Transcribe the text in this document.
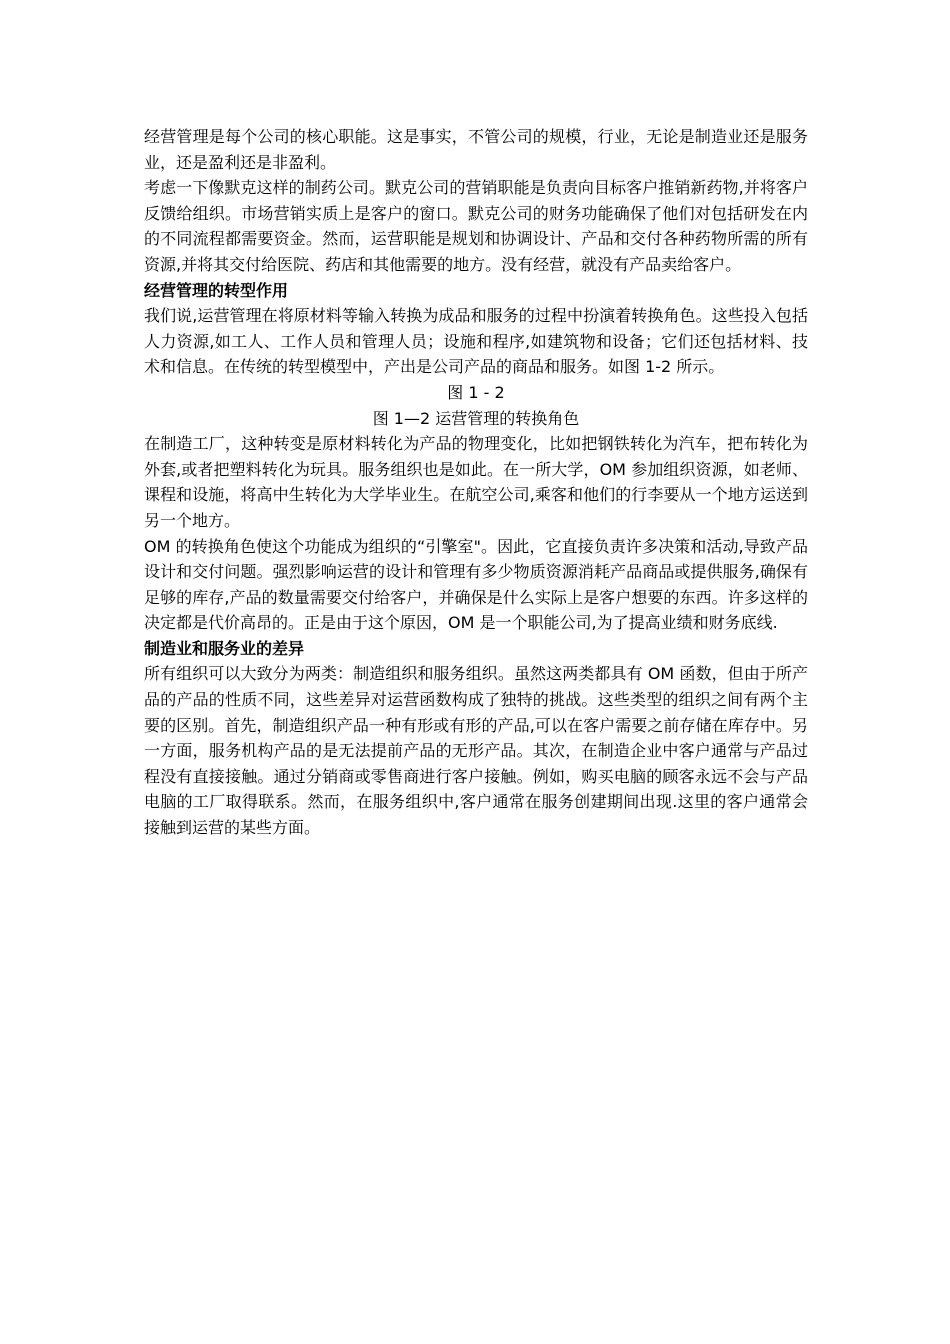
经营管理是每个公司的核心职能。这是事实，不管公司的规模，行业，无论是制造业还是服务业，还是盈利还是非盈利。

考虑一下像默克这样的制药公司。默克公司的营销职能是负责向目标客户推销新药物,并将客户反馈给组织。市场营销实质上是客户的窗口。默克公司的财务功能确保了他们对包括研发在内的不同流程都需要资金。然而，运营职能是规划和协调设计、产品和交付各种药物所需的所有资源,并将其交付给医院、药店和其他需要的地方。没有经营，就没有产品卖给客户。

经营管理的转型作用

我们说,运营管理在将原材料等输入转换为成品和服务的过程中扮演着转换角色。这些投入包括人力资源,如工人、工作人员和管理人员；设施和程序,如建筑物和设备；它们还包括材料、技术和信息。在传统的转型模型中，产出是公司产品的商品和服务。如图 1-2 所示。

图 1 - 2

图 1—2 运营管理的转换角色

在制造工厂，这种转变是原材料转化为产品的物理变化，比如把钢铁转化为汽车，把布转化为外套,或者把塑料转化为玩具。服务组织也是如此。在一所大学，OM 参加组织资源，如老师、课程和设施，将高中生转化为大学毕业生。在航空公司,乘客和他们的行李要从一个地方运送到另一个地方。

OM 的转换角色使这个功能成为组织的“引擎室"。因此，它直接负责许多决策和活动,导致产品设计和交付问题。强烈影响运营的设计和管理有多少物质资源消耗产品商品或提供服务,确保有足够的库存,产品的数量需要交付给客户，并确保是什么实际上是客户想要的东西。许多这样的决定都是代价高昂的。正是由于这个原因，OM 是一个职能公司,为了提高业绩和财务底线.

制造业和服务业的差异

所有组织可以大致分为两类：制造组织和服务组织。虽然这两类都具有 OM 函数，但由于所产品的产品的性质不同，这些差异对运营函数构成了独特的挑战。这些类型的组织之间有两个主要的区别。首先，制造组织产品一种有形或有形的产品,可以在客户需要之前存储在库存中。另一方面，服务机构产品的是无法提前产品的无形产品。其次，在制造企业中客户通常与产品过程没有直接接触。通过分销商或零售商进行客户接触。例如，购买电脑的顾客永远不会与产品电脑的工厂取得联系。然而，在服务组织中,客户通常在服务创建期间出现.这里的客户通常会接触到运营的某些方面。
